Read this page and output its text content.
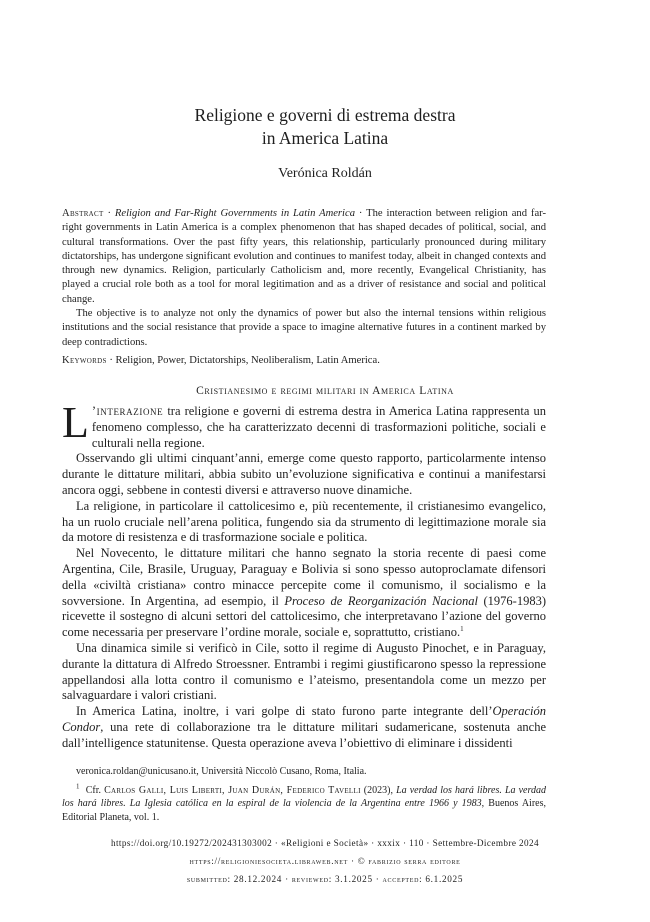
Religione e governi di estrema destra
in America Latina
Verónica Roldán

Abstract · Religion and Far-Right Governments in Latin America · The interaction between religion and far-right governments in Latin America is a complex phenomenon that has shaped decades of political, social, and cultural transformations. Over the past fifty years, this relationship, particularly pronounced during military dictatorships, has undergone significant evolution and continues to manifest today, albeit in changed contexts and through new dynamics. Religion, particularly Catholicism and, more recently, Evangelical Christianity, has played a crucial role both as a tool for moral legitimation and as a driver of resistance and social and political change.

The objective is to analyze not only the dynamics of power but also the internal tensions within religious institutions and the social resistance that provide a space to imagine alternative futures in a continent marked by deep contradictions.

Keywords · Religion, Power, Dictatorships, Neoliberalism, Latin America.
Cristianesimo e regimi militari in America Latina

L ’interazione tra religione e governi di estrema destra in America Latina rappresenta un fenomeno complesso, che ha caratterizzato decenni di trasformazioni politiche, sociali e culturali nella regione.

Osservando gli ultimi cinquant’anni, emerge come questo rapporto, particolarmente intenso durante le dittature militari, abbia subito un’evoluzione significativa e continui a manifestarsi ancora oggi, sebbene in contesti diversi e attraverso nuove dinamiche.

La religione, in particolare il cattolicesimo e, più recentemente, il cristianesimo evangelico, ha un ruolo cruciale nell’arena politica, fungendo sia da strumento di legittimazione morale sia da motore di resistenza e di trasformazione sociale e politica.

Nel Novecento, le dittature militari che hanno segnato la storia recente di paesi come Argentina, Cile, Brasile, Uruguay, Paraguay e Bolivia si sono spesso autoproclamate difensori della «civiltà cristiana» contro minacce percepite come il comunismo, il socialismo e la sovversione. In Argentina, ad esempio, il Proceso de Reorganización Nacional (1976-1983) ricevette il sostegno di alcuni settori del cattolicesimo, che interpretavano l’azione del governo come necessaria per preservare l’ordine morale, sociale e, soprattutto, cristiano.$^1$

Una dinamica simile si verificò in Cile, sotto il regime di Augusto Pinochet, e in Paraguay, durante la dittatura di Alfredo Stroessner. Entrambi i regimi giustificarono spesso la repressione appellandosi alla lotta contro il comunismo e l’ateismo, presentandola come un mezzo per salvaguardare i valori cristiani.

In America Latina, inoltre, i vari golpe di stato furono parte integrante dell’Operación Condor, una rete di collaborazione tra le dittature militari sudamericane, sostenuta anche dall’intelligence statunitense. Questa operazione aveva l’obiettivo di eliminare i dissidenti

veronica.roldan@unicusano.it, Università Niccolò Cusano, Roma, Italia.

$^1$ Cfr. Carlos Galli, Luis Liberti, Juan Durán, Federico Tavelli (2023), La verdad los hará libres. La verdad los hará libres. La Iglesia católica en la espiral de la violencia de la Argentina entre 1966 y 1983, Buenos Aires, Editorial Planeta, vol. 1.

https://doi.org/10.19272/202431303002 · «Religioni e Società» · xxxix · 110 · Settembre-Dicembre 2024
https://religioniesocieta.libraweb.net · © fabrizio serra editore
submitted: 28.12.2024 · reviewed: 3.1.2025 · accepted: 6.1.2025
